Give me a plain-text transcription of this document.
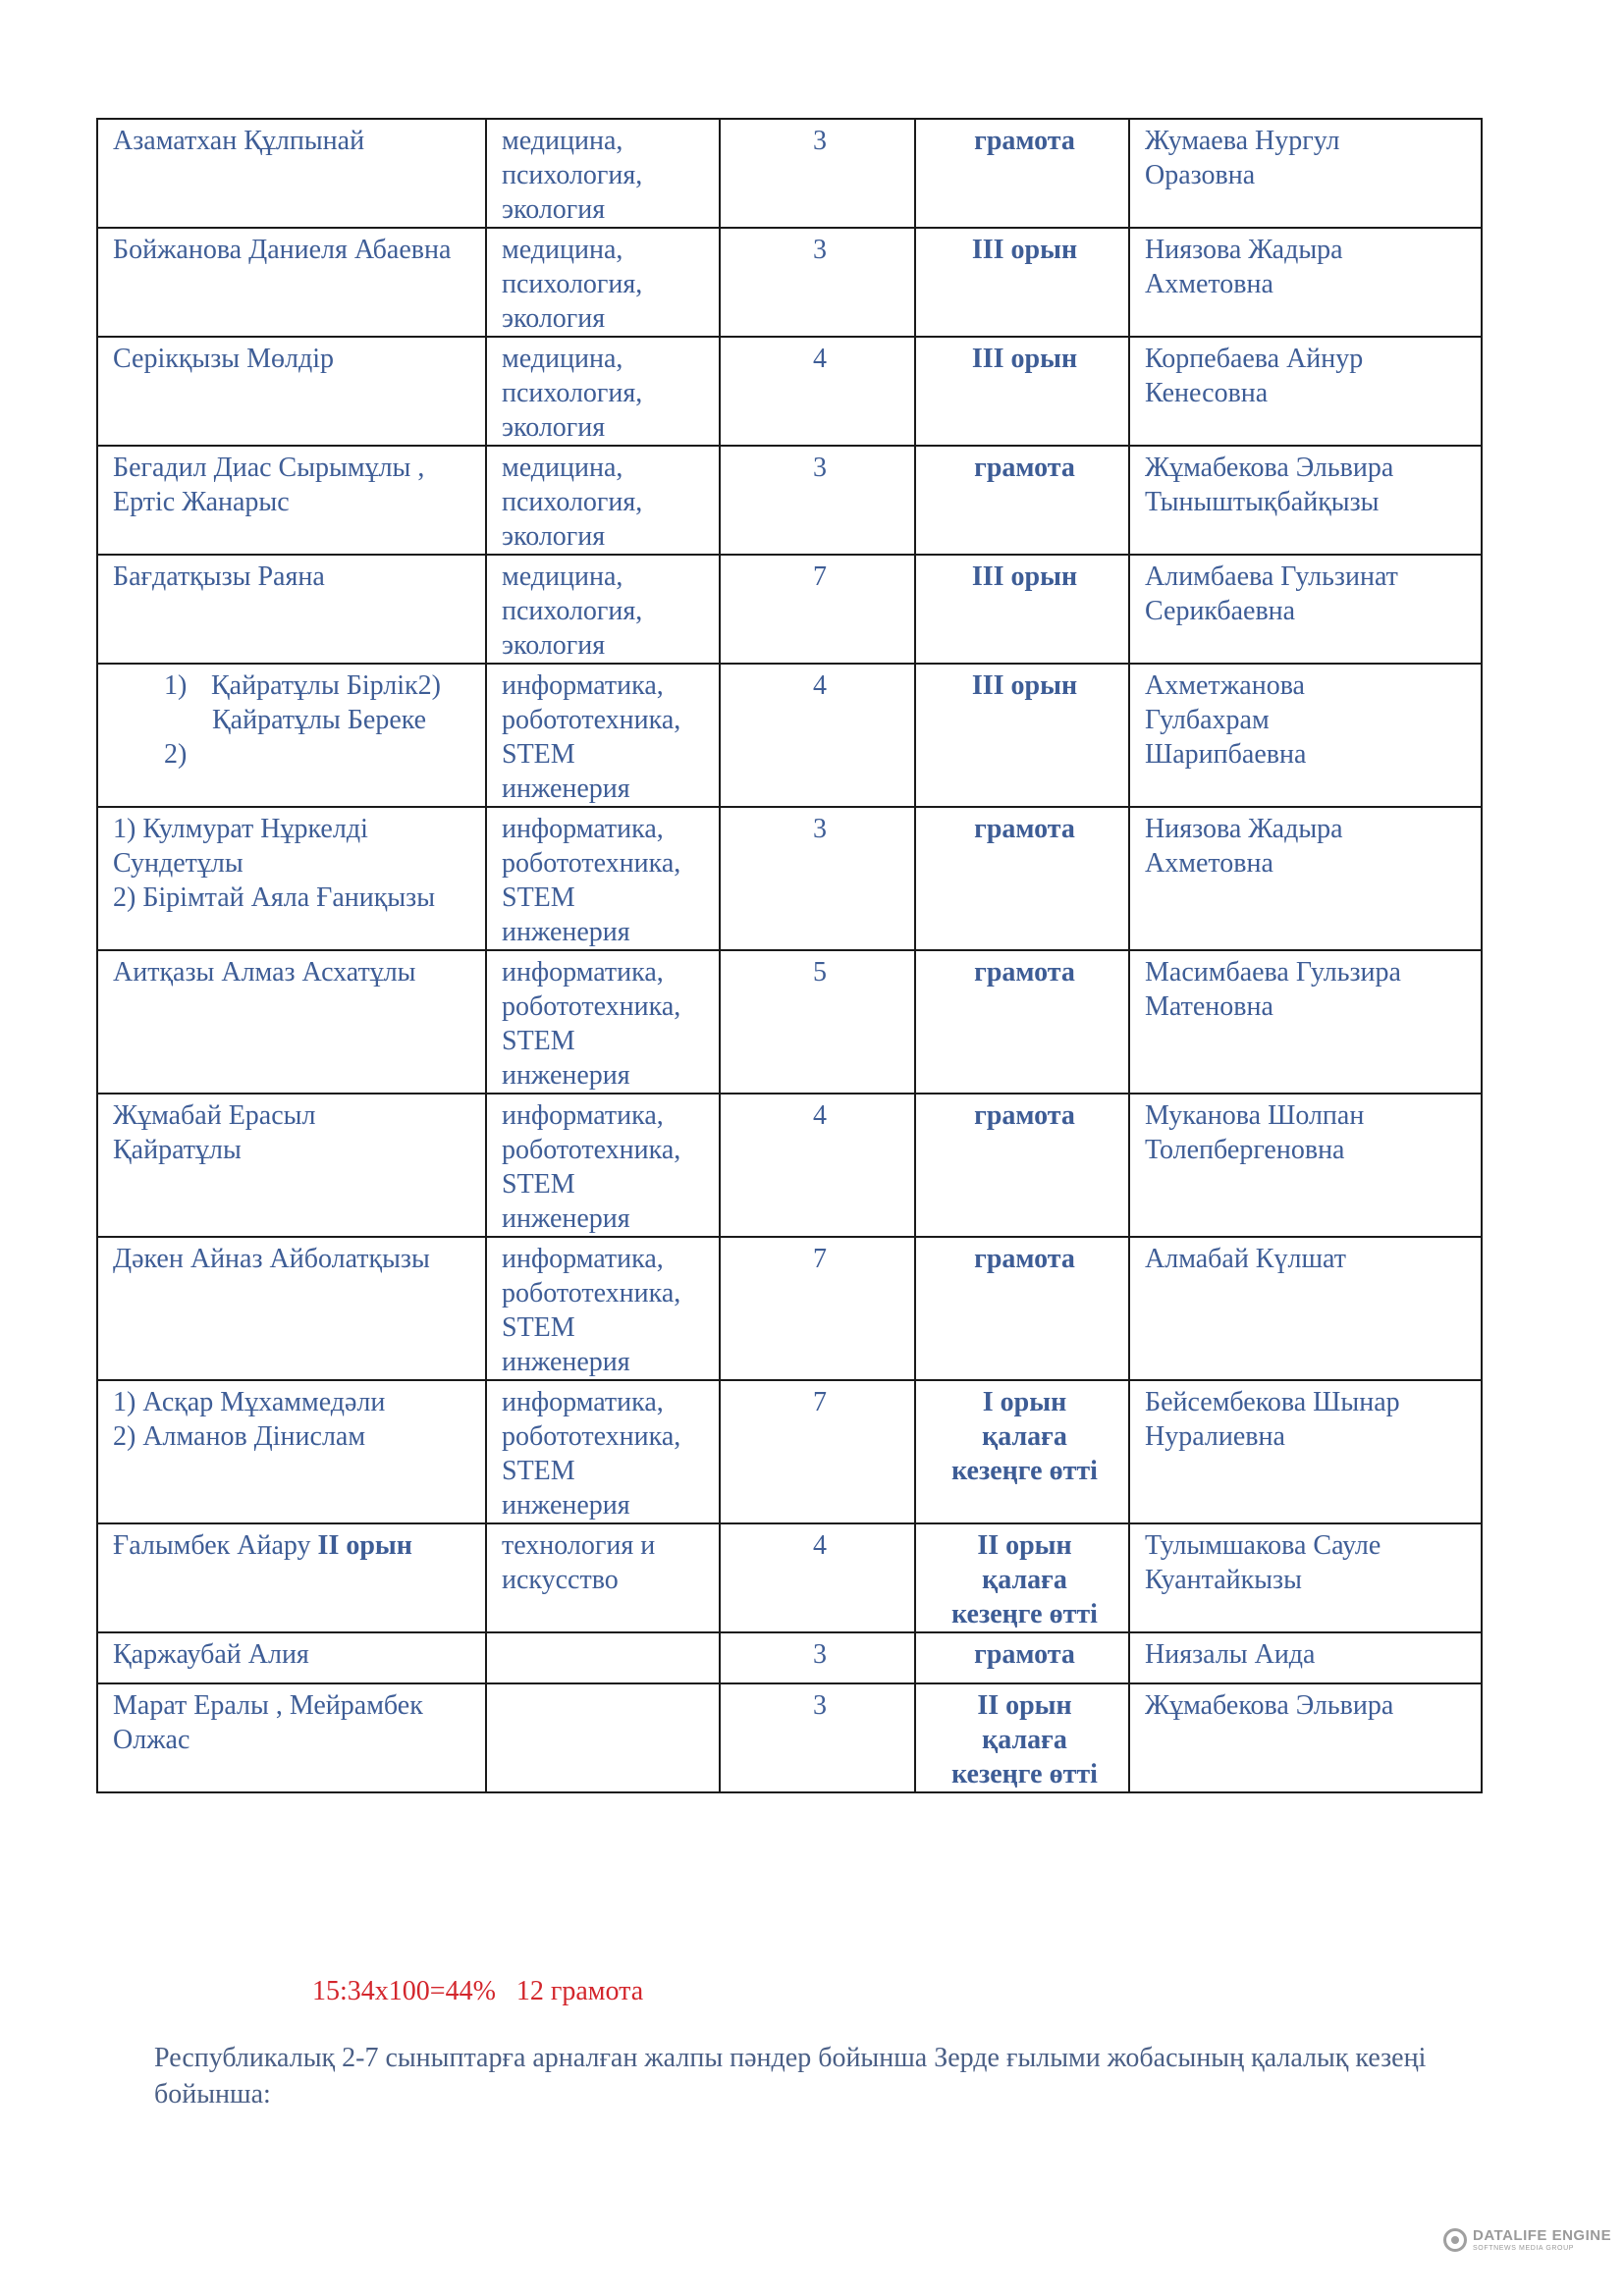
Азаматхан Құлпынай	медицина,
психология,
экология	3	грамота	Жумаева Нургул
Оразовна

Бойжанова Даниеля Абаевна	медицина,
психология,
экология	3	III орын	Ниязова Жадыра
Ахметовна

Серікқызы Мөлдір	медицина,
психология,
экология	4	III орын	Корпебаева Айнур
Кенесовна

Бегадил Диас Сырымұлы ,
Ертіс Жанарыс	медицина,
психология,
экология	3	грамота	Жұмабекова Эльвира
Тыныштықбайқызы

Бағдатқызы Раяна	медицина,
психология,
экология	7	III орын	Алимбаева Гульзинат
Серикбаевна

1) Қайратұлы Бірлік2)
Қайратұлы Береке
2)	информатика,
робототехника,
STEM
инженерия	4	III орын	Ахметжанова
Гулбахрам
Шарипбаевна

1) Кулмурат Нұркелді
Сундетұлы
2) Бірімтай Аяла Ғаниқызы	информатика,
робототехника,
STEM
инженерия	3	грамота	Ниязова Жадыра
Ахметовна

Аитқазы Алмаз Асхатұлы	информатика,
робототехника,
STEM
инженерия	5	грамота	Масимбаева Гульзира
Матеновна

Жұмабай Ерасыл
Қайратұлы	информатика,
робототехника,
STEM
инженерия	4	грамота	Муканова Шолпан
Толепбергеновна

Дәкен Айназ Айболатқызы	информатика,
робототехника,
STEM
инженерия	7	грамота	Алмабай Күлшат

1) Асқар Мұхаммедәли
2) Алманов Дінислам	информатика,
робототехника,
STEM
инженерия	7	I орын
қалаға
кезеңге өтті	Бейсембекова Шынар
Нуралиевна

Ғалымбек Айару II орын	технология и
искусство	4	II орын
қалаға
кезеңге өтті	Тулымшакова Сауле
Куантайкызы

Қаржаубай Алия		3	грамота	Ниязалы Аида

Марат Ералы , Мейрамбек
Олжас		3	II орын
қалаға
кезеңге өтті	Жұмабекова Эльвира
15:34х100=44%   12 грамота
Республикалық 2-7 сыныптарға арналған жалпы пәндер бойынша Зерде ғылыми жобасының қалалық кезеңі бойынша:
DATALIFE ENGINE
SOFTNEWS MEDIA GROUP
